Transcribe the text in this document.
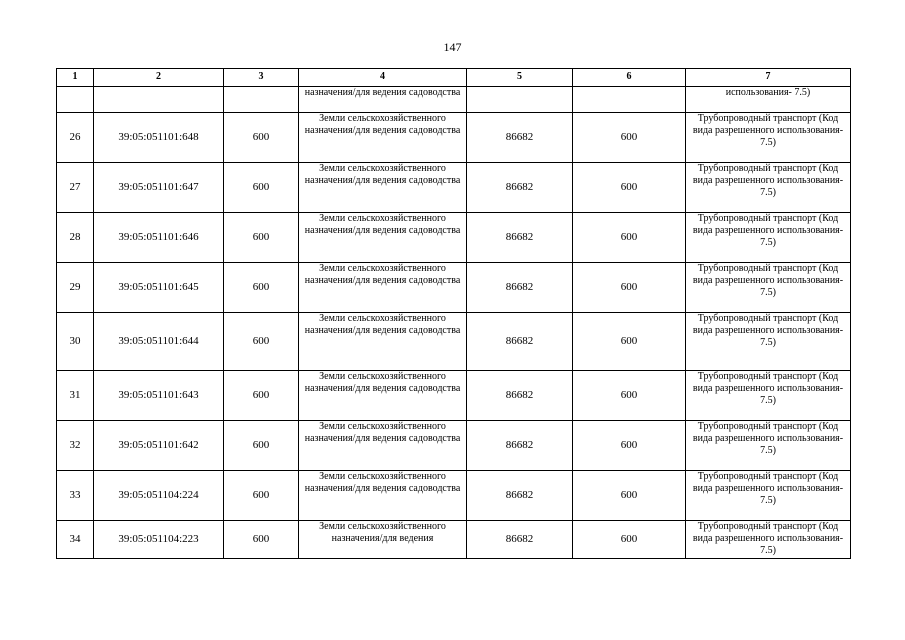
147
1	2	3	4	5	6	7
			назначения/для ведения садоводства			использования- 7.5)
26	39:05:051101:648	600	Земли сельскохозяйственного назначения/для ведения садоводства	86682	600	Трубопроводный транспорт (Код вида разрешенного использования- 7.5)
27	39:05:051101:647	600	Земли сельскохозяйственного назначения/для ведения садоводства	86682	600	Трубопроводный транспорт (Код вида разрешенного использования- 7.5)
28	39:05:051101:646	600	Земли сельскохозяйственного назначения/для ведения садоводства	86682	600	Трубопроводный транспорт (Код вида разрешенного использования- 7.5)
29	39:05:051101:645	600	Земли сельскохозяйственного назначения/для ведения садоводства	86682	600	Трубопроводный транспорт (Код вида разрешенного использования- 7.5)
30	39:05:051101:644	600	Земли сельскохозяйственного назначения/для ведения садоводства	86682	600	Трубопроводный транспорт (Код вида разрешенного использования- 7.5)
31	39:05:051101:643	600	Земли сельскохозяйственного назначения/для ведения садоводства	86682	600	Трубопроводный транспорт (Код вида разрешенного использования- 7.5)
32	39:05:051101:642	600	Земли сельскохозяйственного назначения/для ведения садоводства	86682	600	Трубопроводный транспорт (Код вида разрешенного использования- 7.5)
33	39:05:051104:224	600	Земли сельскохозяйственного назначения/для ведения садоводства	86682	600	Трубопроводный транспорт (Код вида разрешенного использования- 7.5)
34	39:05:051104:223	600	Земли сельскохозяйственного назначения/для ведения	86682	600	Трубопроводный транспорт (Код вида разрешенного использования- 7.5)
